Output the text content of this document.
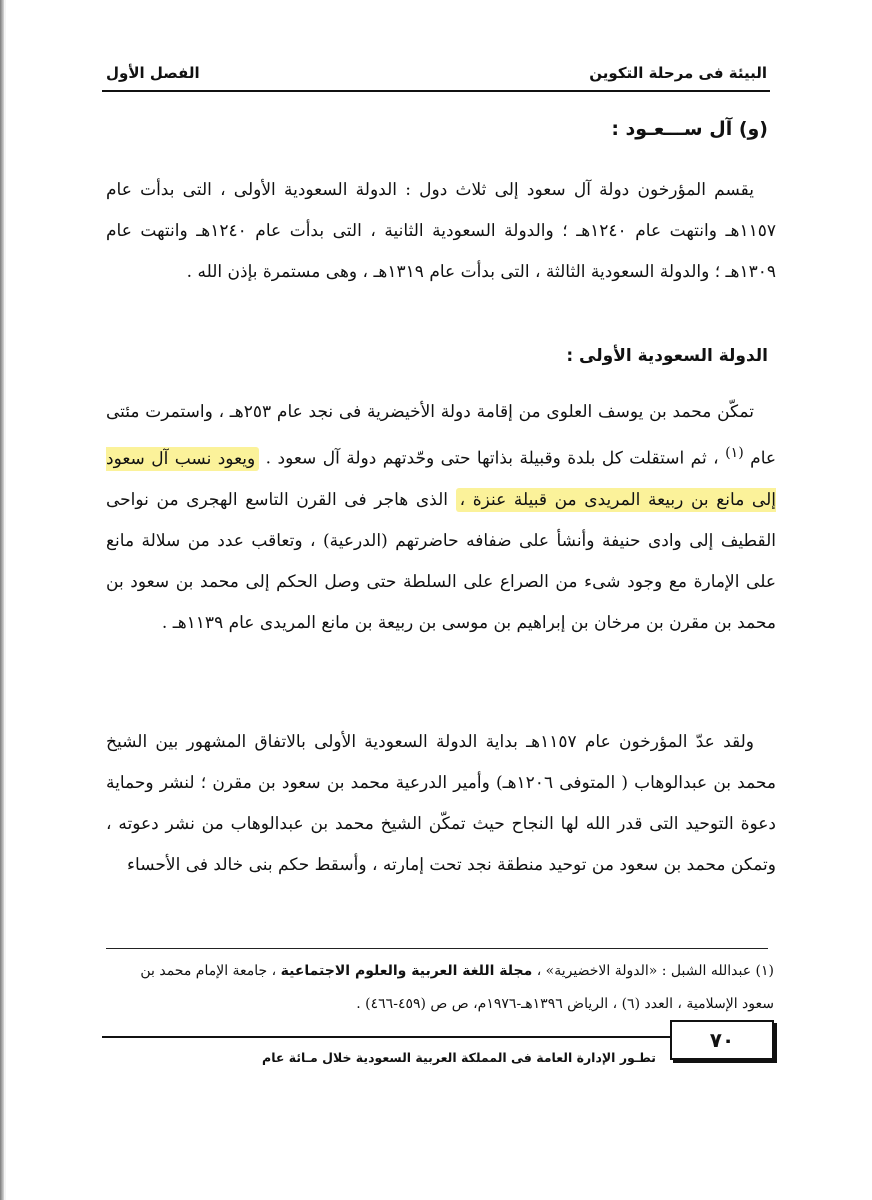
البيئة فى مرحلة التكوين
الفصل الأول
(و) آل ســـعـود :

يقسم المؤرخون دولة آل سعود إلى ثلاث دول : الدولة السعودية الأولى ، التى بدأت عام ١١٥٧هـ وانتهت عام ١٢٤٠هـ ؛ والدولة السعودية الثانية ، التى بدأت عام ١٢٤٠هـ وانتهت عام ١٣٠٩هـ ؛ والدولة السعودية الثالثة ، التى بدأت عام ١٣١٩هـ ، وهى مستمرة بإذن الله .

الدولة السعودية الأولى :

تمكّن محمد بن يوسف العلوى من إقامة دولة الأخيضرية فى نجد عام ٢٥٣هـ ، واستمرت مئتى عام $^{(١)}$ ، ثم استقلت كل بلدة وقبيلة بذاتها حتى وحّدتهم دولة آل سعود . ويعود نسب آل سعود إلى مانع بن ربيعة المريدى من قبيلة عنزة ، الذى هاجر فى القرن التاسع الهجرى من نواحى القطيف إلى وادى حنيفة وأنشأ على ضفافه حاضرتهم (الدرعية) ، وتعاقب عدد من سلالة مانع على الإمارة مع وجود شىء من الصراع على السلطة حتى وصل الحكم إلى محمد بن سعود بن محمد بن مقرن بن مرخان بن إبراهيم بن موسى بن ربيعة بن مانع المريدى عام ١١٣٩هـ .

ولقد عدّ المؤرخون عام ١١٥٧هـ بداية الدولة السعودية الأولى بالاتفاق المشهور بين الشيخ محمد بن عبدالوهاب ( المتوفى ١٢٠٦هـ) وأمير الدرعية محمد بن سعود بن مقرن ؛ لنشر وحماية دعوة التوحيد التى قدر الله لها النجاح حيث تمكّن الشيخ محمد بن عبدالوهاب من نشر دعوته ، وتمكن محمد بن سعود من توحيد منطقة نجد تحت إمارته ، وأسقط حكم بنى خالد فى الأحساء

(١) عبدالله الشبل : «الدولة الاخضيرية» ، مجلة اللغة العربية والعلوم الاجتماعية ، جامعة الإمام محمد بن سعود الإسلامية ، العدد (٦) ، الرياض ١٣٩٦هـ-١٩٧٦م، ص ص (٤٥٩-٤٦٦) .
٧٠
تطـور الإدارة العامة فى المملكة العربية السعودية خلال مـائة عام
